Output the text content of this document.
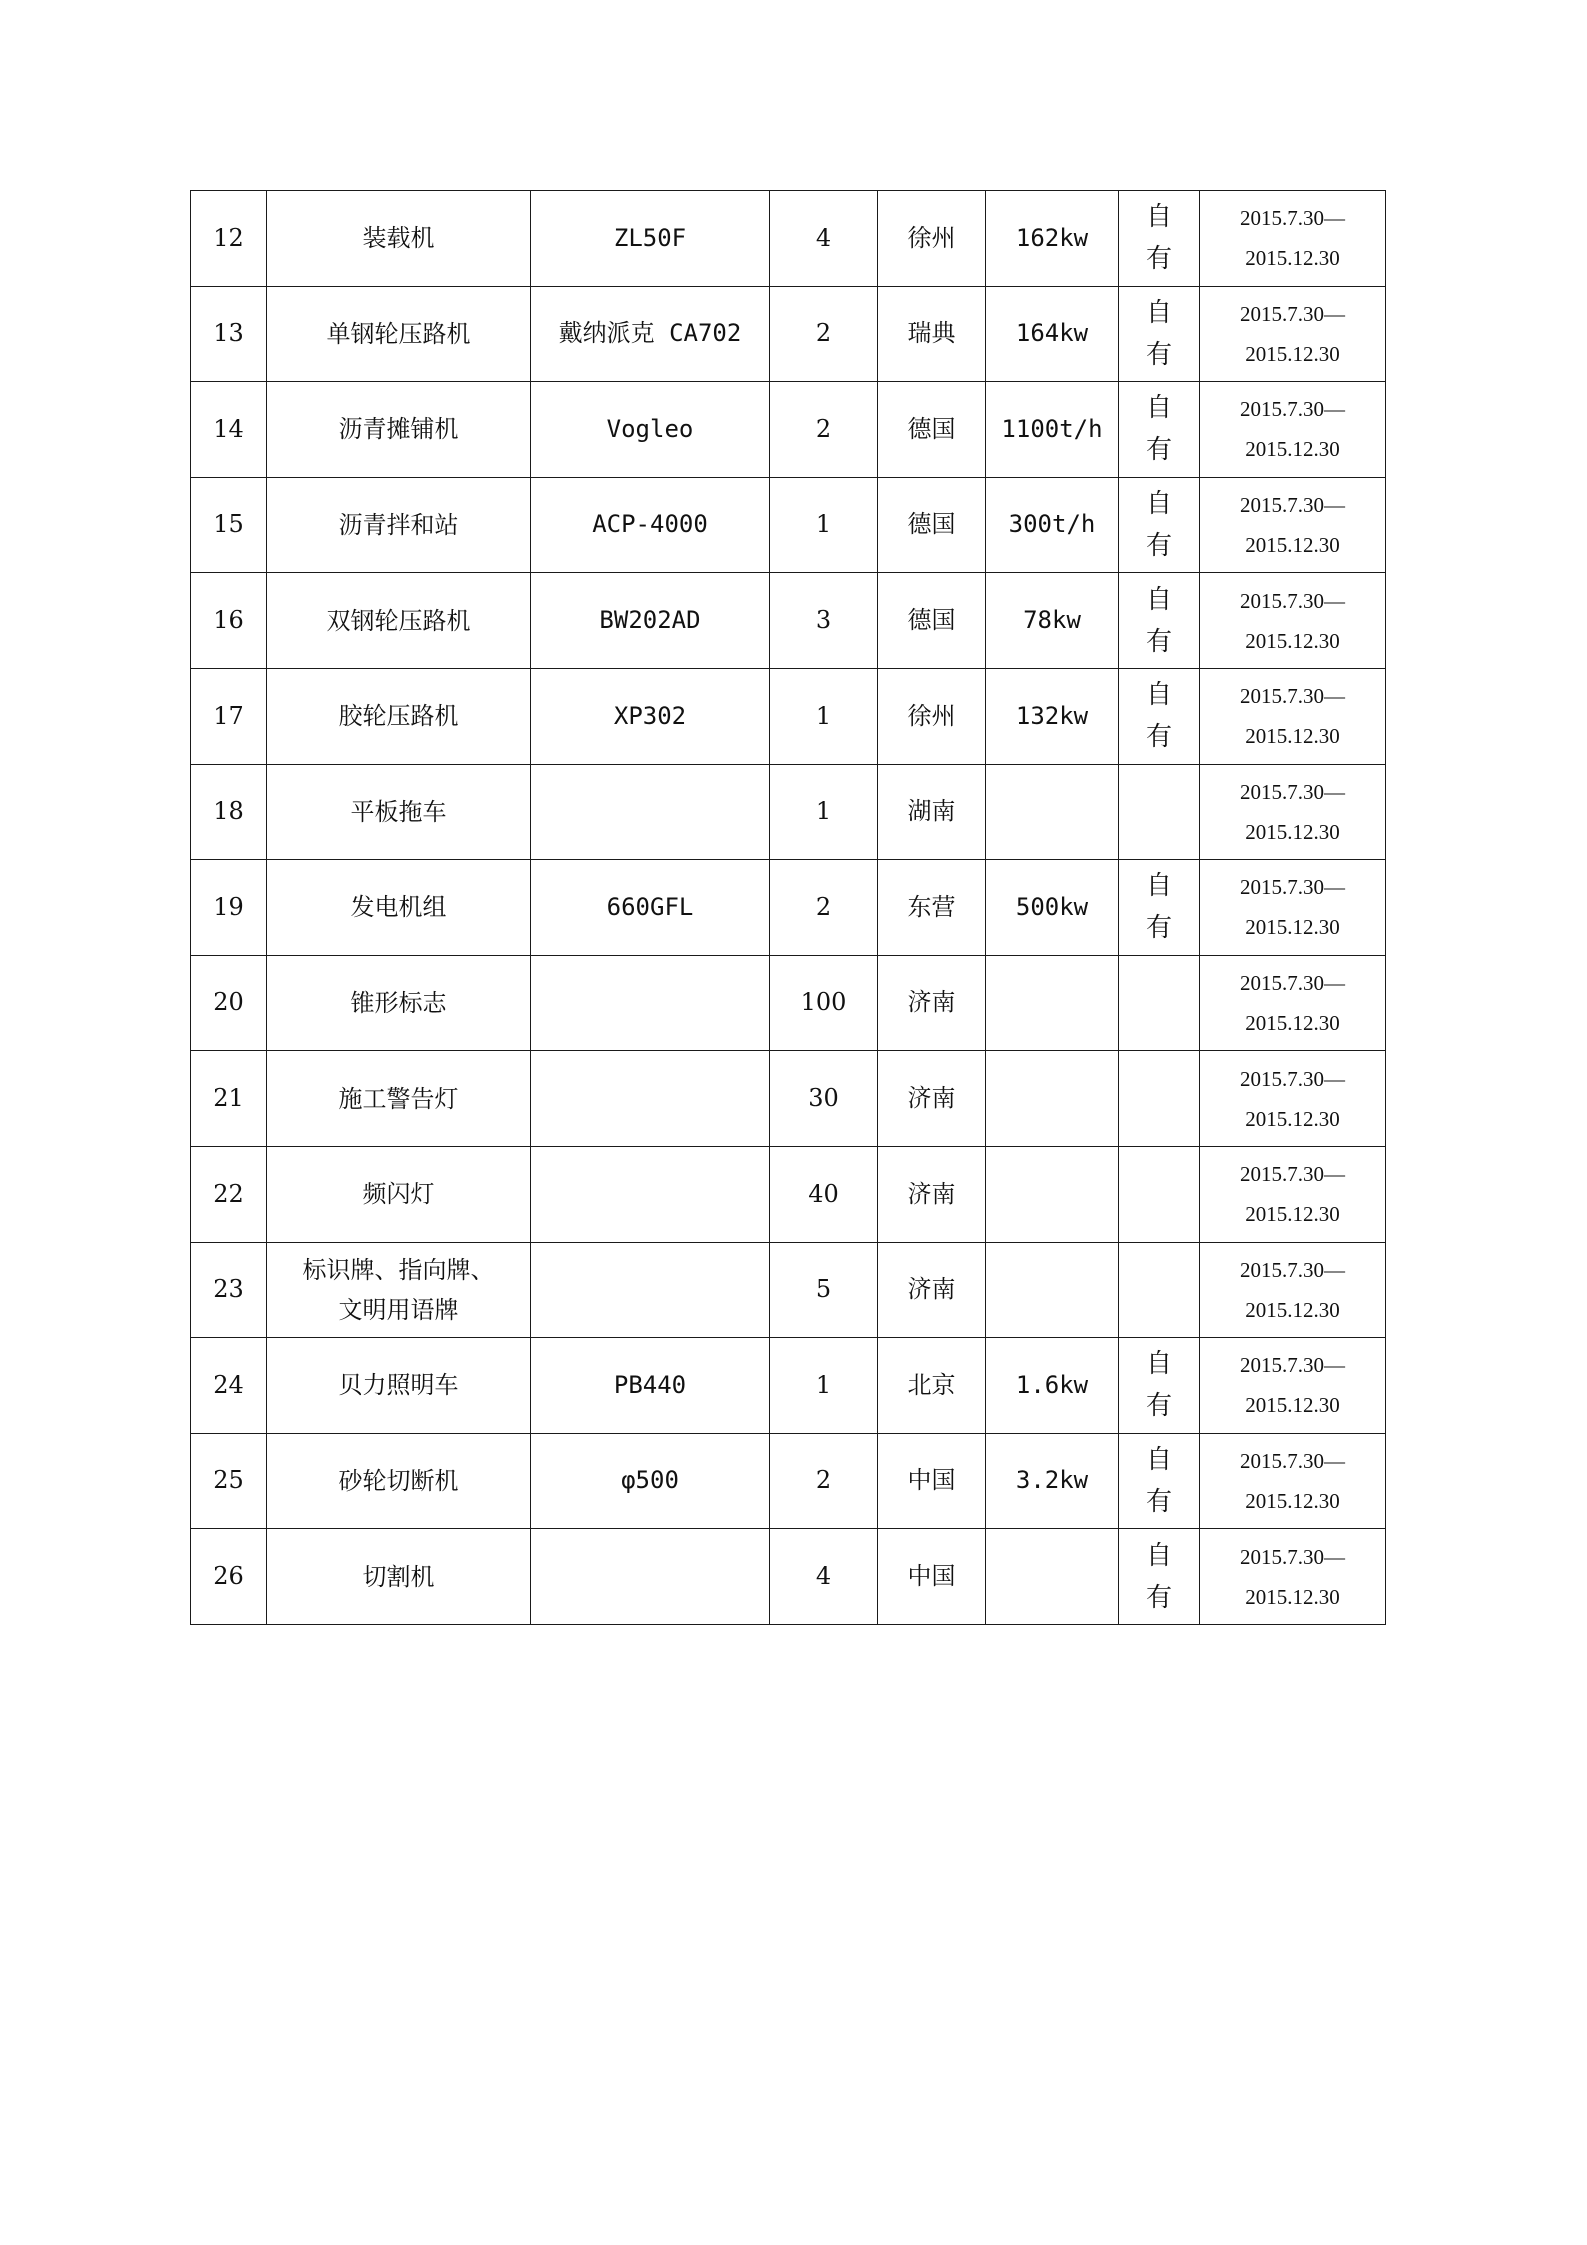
12	装载机	ZL50F	4	徐州	162kw	自
有	2015.7.30—
2015.12.30

13	单钢轮压路机	戴纳派克 CA702	2	瑞典	164kw	自
有	2015.7.30—
2015.12.30

14	沥青摊铺机	Vogleo	2	德国	1100t/h	自
有	2015.7.30—
2015.12.30

15	沥青拌和站	ACP-4000	1	德国	300t/h	自
有	2015.7.30—
2015.12.30

16	双钢轮压路机	BW202AD	3	德国	78kw	自
有	2015.7.30—
2015.12.30

17	胶轮压路机	XP302	1	徐州	132kw	自
有	2015.7.30—
2015.12.30

18	平板拖车		1	湖南			2015.7.30—
2015.12.30

19	发电机组	660GFL	2	东营	500kw	自
有	2015.7.30—
2015.12.30

20	锥形标志		100	济南			2015.7.30—
2015.12.30

21	施工警告灯		30	济南			2015.7.30—
2015.12.30

22	频闪灯		40	济南			2015.7.30—
2015.12.30

23	标识牌、指向牌、
文明用语牌		5	济南			2015.7.30—
2015.12.30

24	贝力照明车	PB440	1	北京	1.6kw	自
有	2015.7.30—
2015.12.30

25	砂轮切断机	φ500	2	中国	3.2kw	自
有	2015.7.30—
2015.12.30

26	切割机		4	中国		自
有	2015.7.30—
2015.12.30
